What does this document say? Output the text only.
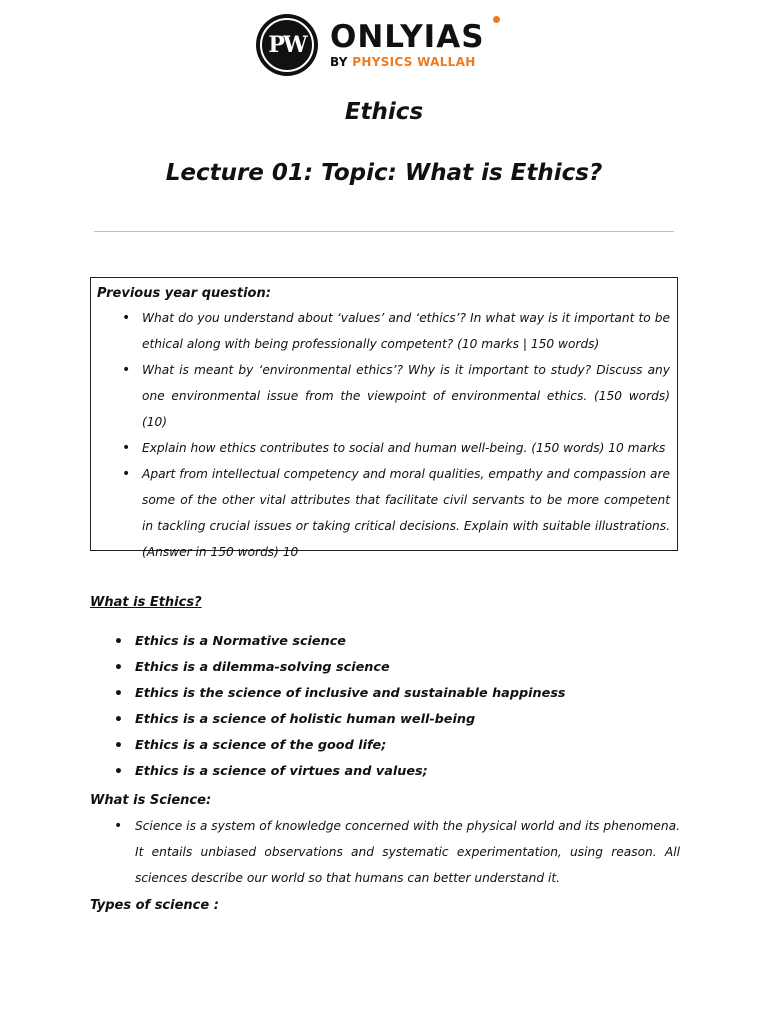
PW ONLYIAS
BY PHYSICS WALLAH
Ethics
Lecture 01: Topic: What is Ethics?
Previous year question:
• What do you understand about ‘values’ and ‘ethics’? In what way is it important to be ethical along with being professionally competent? (10 marks | 150 words)
• What is meant by ‘environmental ethics’? Why is it important to study? Discuss any one environmental issue from the viewpoint of environmental ethics. (150 words) (10)
• Explain how ethics contributes to social and human well-being. (150 words) 10 marks
• Apart from intellectual competency and moral qualities, empathy and compassion are some of the other vital attributes that facilitate civil servants to be more competent in tackling crucial issues or taking critical decisions. Explain with suitable illustrations. (Answer in 150 words) 10
What is Ethics?
• Ethics is a Normative science
• Ethics is a dilemma-solving science
• Ethics is the science of inclusive and sustainable happiness
• Ethics is a science of holistic human well-being
• Ethics is a science of the good life;
• Ethics is a science of virtues and values;
What is Science:
• Science is a system of knowledge concerned with the physical world and its phenomena. It entails unbiased observations and systematic experimentation, using reason. All sciences describe our world so that humans can better understand it.
Types of science :
